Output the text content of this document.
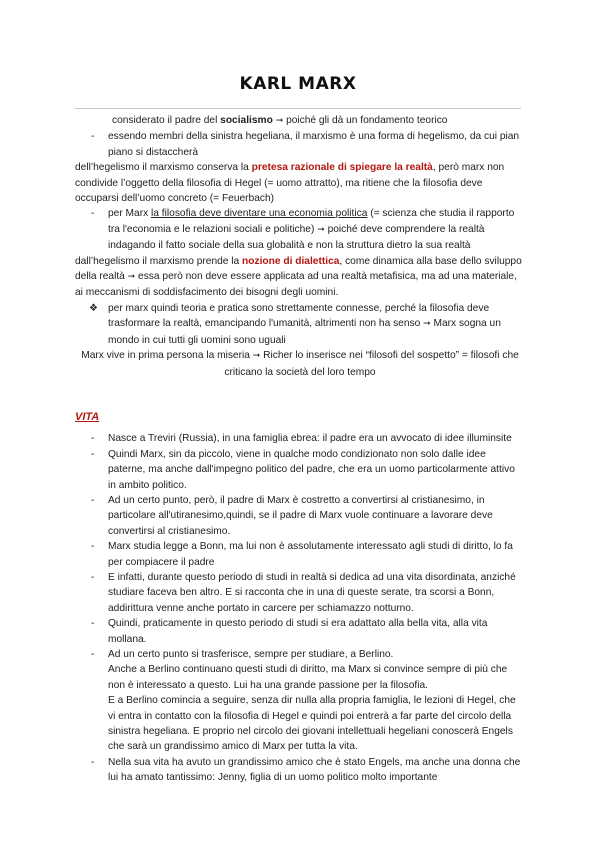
KARL MARX

considerato il padre del socialismo ➞ poiché gli dà un fondamento teorico

- essendo membri della sinistra hegeliana, il marxismo è una forma di hegelismo, da cui pian piano si distaccherà

dell’hegelismo il marxismo conserva la pretesa razionale di spiegare la realtà, però marx non condivide l’oggetto della filosofia di Hegel (= uomo attratto), ma ritiene che la filosofia deve occuparsi dell’uomo concreto (= Feuerbach)

- per Marx la filosofia deve diventare una economia politica (= scienza che studia il rapporto tra l'economia e le relazioni sociali e politiche) ➞ poiché deve comprendere la realtà indagando il fatto sociale della sua globalità e non la struttura dietro la sua realtà

dall’hegelismo il marxismo prende la nozione di dialettica, come dinamica alla base dello sviluppo della realtà ➞ essa però non deve essere applicata ad una realtà metafisica, ma ad una materiale, ai meccanismi di soddisfacimento dei bisogni degli uomini.

❖ per marx quindi teoria e pratica sono strettamente connesse, perché la filosofia deve trasformare la realtà, emancipando l'umanità, altrimenti non ha senso ➞ Marx sogna un mondo in cui tutti gli uomini sono uguali

Marx vive in prima persona la miseria ➞ Richer lo inserisce nei “filosofi del sospetto” = filosofi che criticano la società del loro tempo

VITA

- Nasce a Treviri (Russia), in una famiglia ebrea: il padre era un avvocato di idee illuminsite
- Quindi Marx, sin da piccolo, viene in qualche modo condizionato non solo dalle idee paterne, ma anche dall'impegno politico del padre, che era un uomo particolarmente attivo in ambito politico.
- Ad un certo punto, però, il padre di Marx è costretto a convertirsi al cristianesimo, in particolare all'utiranesimo,quindi, se il padre di Marx vuole continuare a lavorare deve convertirsi al cristianesimo.
- Marx studia legge a Bonn, ma lui non è assolutamente interessato agli studi di diritto, lo fa per compiacere il padre
- E infatti, durante questo periodo di studi in realtà si dedica ad una vita disordinata, anziché studiare faceva ben altro. E si racconta che in una di queste serate, tra scorsi a Bonn, addirittura venne anche portato in carcere per schiamazzo notturno.
- Quindi, praticamente in questo periodo di studi si era adattato alla bella vita, alla vita mollana.
- Ad un certo punto si trasferisce, sempre per studiare, a Berlino.
Anche a Berlino continuano questi studi di diritto, ma Marx si convince sempre di più che non è interessato a questo. Lui ha una grande passione per la filosofia.
E a Berlino comincia a seguire, senza dir nulla alla propria famiglia, le lezioni di Hegel, che vi entra in contatto con la filosofia di Hegel e quindi poi entrerà a far parte del circolo della sinistra hegeliana. E proprio nel circolo dei giovani intellettuali hegeliani conoscerà Engels che sarà un grandissimo amico di Marx per tutta la vita.
- Nella sua vita ha avuto un grandissimo amico che è stato Engels, ma anche una donna che lui ha amato tantissimo: Jenny, figlia di un uomo politico molto importante
